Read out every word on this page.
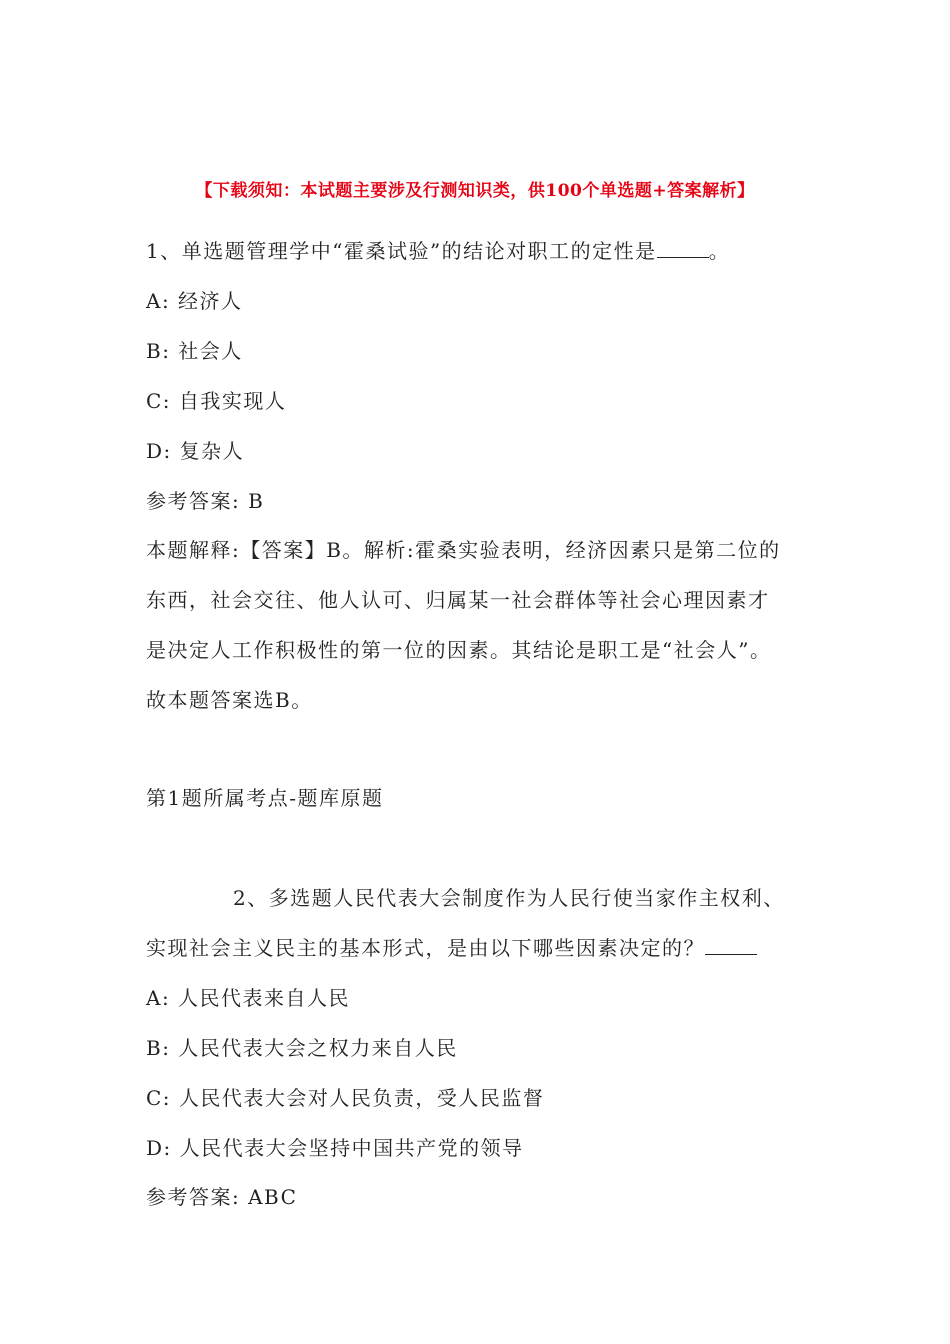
【下载须知：本试题主要涉及行测知识类，供100个单选题+答案解析】
1、单选题管理学中“霍桑试验”的结论对职工的定性是	。
A: 经济人
B: 社会人
C: 自我实现人
D: 复杂人
参考答案: B
本题解释:【答案】B。解析:霍桑实验表明，经济因素只是第二位的
东西，社会交往、他人认可、归属某一社会群体等社会心理因素才
是决定人工作积极性的第一位的因素。其结论是职工是“社会人”。
故本题答案选B。
第1题所属考点-题库原题
2、多选题人民代表大会制度作为人民行使当家作主权利、
实现社会主义民主的基本形式，是由以下哪些因素决定的？
A: 人民代表来自人民
B: 人民代表大会之权力来自人民
C: 人民代表大会对人民负责，受人民监督
D: 人民代表大会坚持中国共产党的领导
参考答案: ABC
